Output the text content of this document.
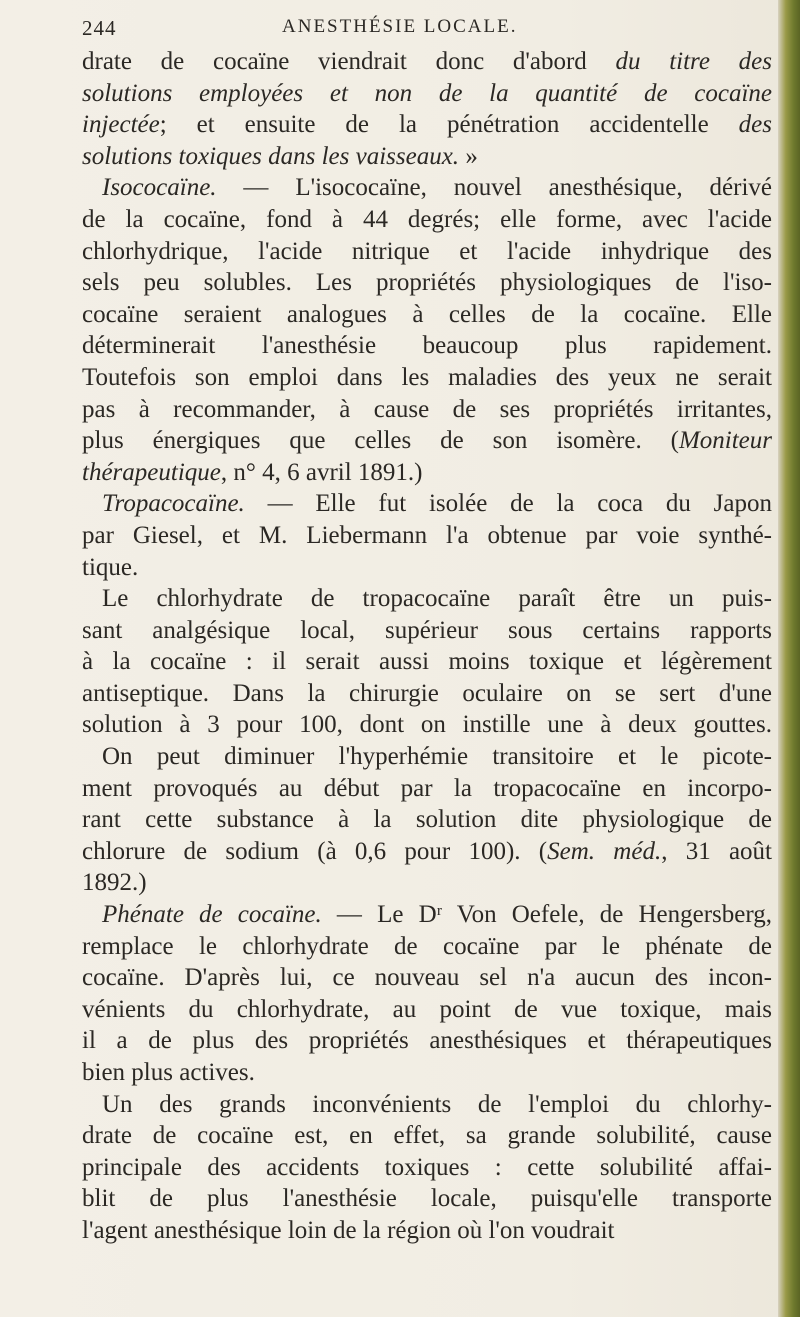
244	ANESTHÉSIE LOCALE.
drate de cocaïne viendrait donc d'abord du titre des
solutions employées et non de la quantité de cocaïne
injectée; et ensuite de la pénétration accidentelle des
solutions toxiques dans les vaisseaux. »
Isococaïne. — L'isococaïne, nouvel anesthésique, dérivé
de la cocaïne, fond à 44 degrés; elle forme, avec l'acide
chlorhydrique, l'acide nitrique et l'acide inhydrique des
sels peu solubles. Les propriétés physiologiques de l'iso-
cocaïne seraient analogues à celles de la cocaïne. Elle
déterminerait l'anesthésie beaucoup plus rapidement.
Toutefois son emploi dans les maladies des yeux ne serait
pas à recommander, à cause de ses propriétés irritantes,
plus énergiques que celles de son isomère. (Moniteur
thérapeutique, n° 4, 6 avril 1891.)
Tropacocaïne. — Elle fut isolée de la coca du Japon
par Giesel, et M. Liebermann l'a obtenue par voie synthé-
tique.
Le chlorhydrate de tropacocaïne paraît être un puis-
sant analgésique local, supérieur sous certains rapports
à la cocaïne : il serait aussi moins toxique et légèrement
antiseptique. Dans la chirurgie oculaire on se sert d'une
solution à 3 pour 100, dont on instille une à deux gouttes.
On peut diminuer l'hyperhémie transitoire et le picote-
ment provoqués au début par la tropacocaïne en incorpo-
rant cette substance à la solution dite physiologique de
chlorure de sodium (à 0,6 pour 100). (Sem. méd., 31 août
1892.)
Phénate de cocaïne. — Le Dʳ Von Oefele, de Hengersberg,
remplace le chlorhydrate de cocaïne par le phénate de
cocaïne. D'après lui, ce nouveau sel n'a aucun des incon-
vénients du chlorhydrate, au point de vue toxique, mais
il a de plus des propriétés anesthésiques et thérapeutiques
bien plus actives.
Un des grands inconvénients de l'emploi du chlorhy-
drate de cocaïne est, en effet, sa grande solubilité, cause
principale des accidents toxiques : cette solubilité affai-
blit de plus l'anesthésie locale, puisqu'elle transporte
l'agent anesthésique loin de la région où l'on voudrait
